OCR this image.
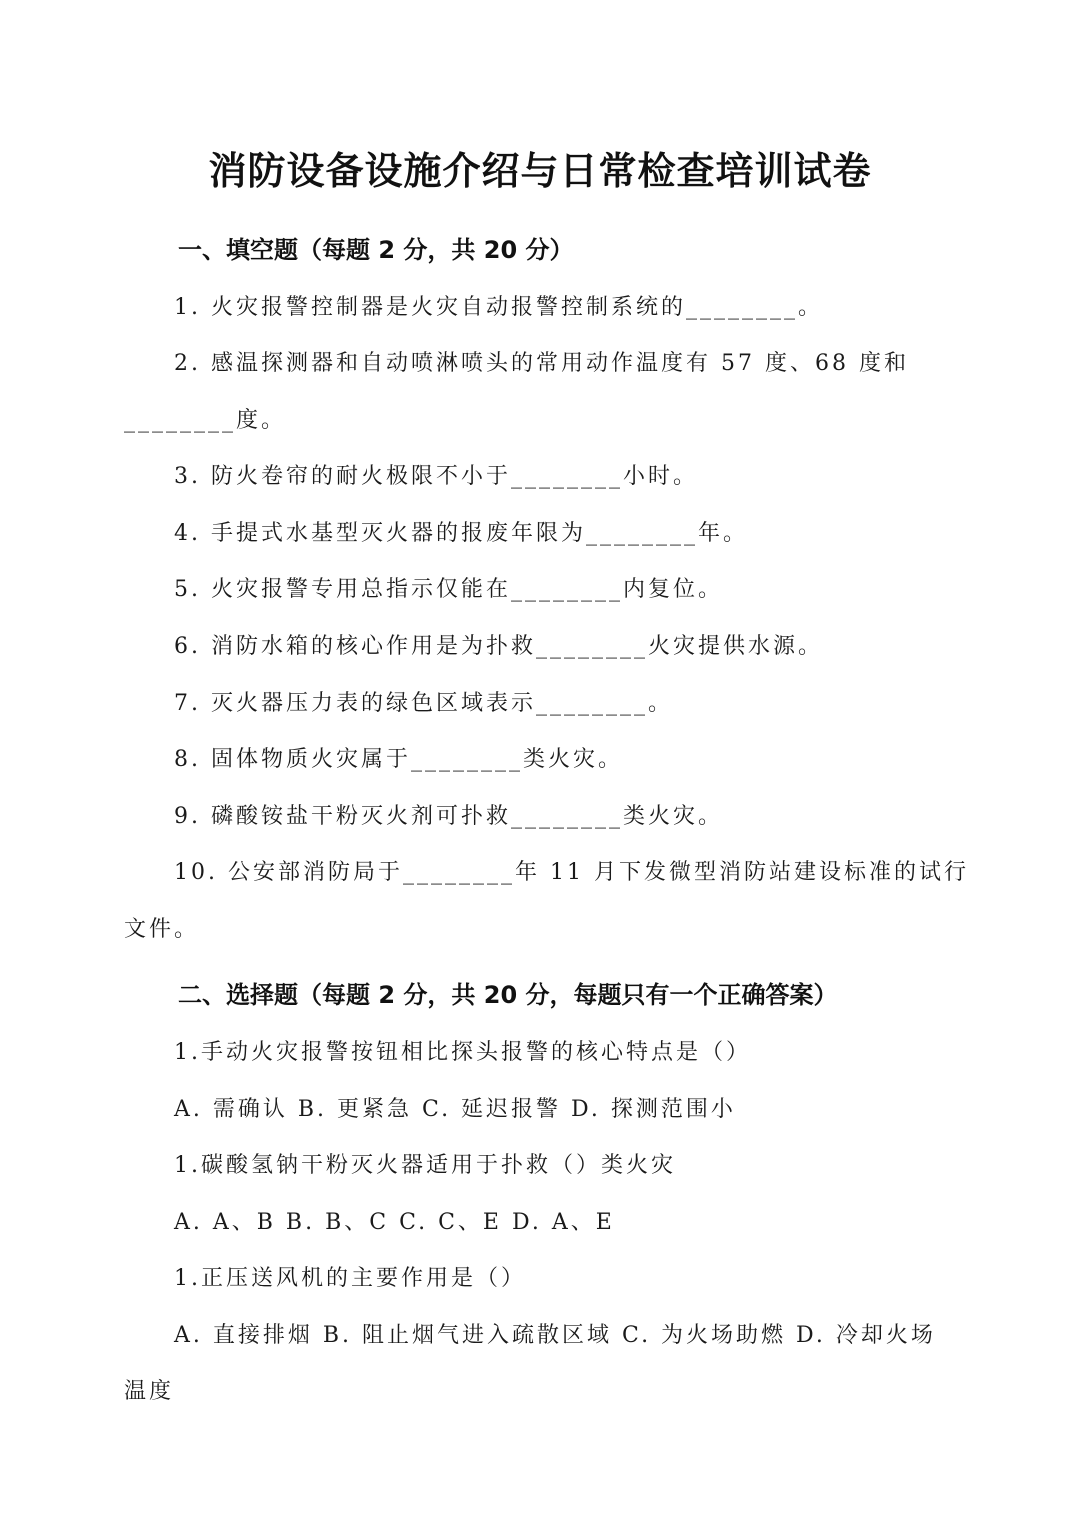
消防设备设施介绍与日常检查培训试卷
一、填空题（每题 2 分，共 20 分）
1. 火灾报警控制器是火灾自动报警控制系统的________。
2. 感温探测器和自动喷淋喷头的常用动作温度有 57 度、68 度和
________度。
3. 防火卷帘的耐火极限不小于________小时。
4. 手提式水基型灭火器的报废年限为________年。
5. 火灾报警专用总指示仅能在________内复位。
6. 消防水箱的核心作用是为扑救________火灾提供水源。
7. 灭火器压力表的绿色区域表示________。
8. 固体物质火灾属于________类火灾。
9. 磷酸铵盐干粉灭火剂可扑救________类火灾。
10. 公安部消防局于________年 11 月下发微型消防站建设标准的试行
文件。
二、选择题（每题 2 分，共 20 分，每题只有一个正确答案）
1.手动火灾报警按钮相比探头报警的核心特点是（）
A. 需确认 B. 更紧急 C. 延迟报警 D. 探测范围小
1.碳酸氢钠干粉灭火器适用于扑救（）类火灾
A. A、B B. B、C C. C、E D. A、E
1.正压送风机的主要作用是（）
A. 直接排烟 B. 阻止烟气进入疏散区域 C. 为火场助燃 D. 冷却火场
温度
